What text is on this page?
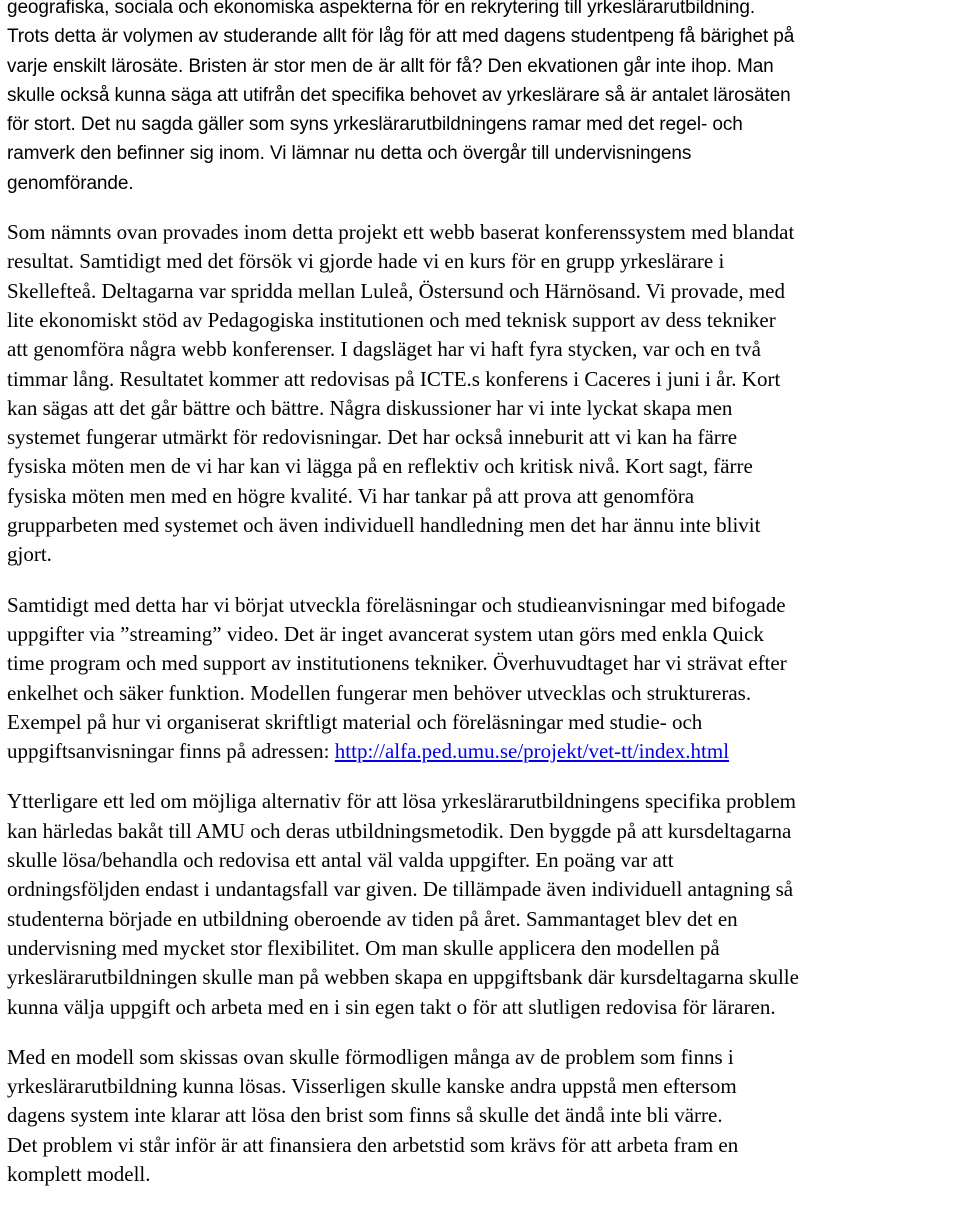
geografiska, sociala och ekonomiska aspekterna för en rekrytering till yrkeslärarutbildning.
Trots detta är volymen av studerande allt för låg för att med dagens studentpeng få bärighet på
varje enskilt lärosäte. Bristen är stor men de är allt för få? Den ekvationen går inte ihop. Man
skulle också kunna säga att utifrån det specifika behovet av yrkeslärare så är antalet lärosäten
för stort. Det nu sagda gäller som syns yrkeslärarutbildningens ramar med det regel- och
ramverk den befinner sig inom. Vi lämnar nu detta och övergår till undervisningens
genomförande.

Som nämnts ovan provades inom detta projekt ett webb baserat konferenssystem med blandat
resultat. Samtidigt med det försök vi gjorde hade vi en kurs för en grupp yrkeslärare i
Skellefteå. Deltagarna var spridda mellan Luleå, Östersund och Härnösand. Vi provade, med
lite ekonomiskt stöd av Pedagogiska institutionen och med teknisk support av dess tekniker
att genomföra några webb konferenser. I dagsläget har vi haft fyra stycken, var och en två
timmar lång. Resultatet kommer att redovisas på ICTE.s konferens i Caceres i juni i år. Kort
kan sägas att det går bättre och bättre. Några diskussioner har vi inte lyckat skapa men
systemet fungerar utmärkt för redovisningar. Det har också inneburit att vi kan ha färre
fysiska möten men de vi har kan vi lägga på en reflektiv och kritisk nivå. Kort sagt, färre
fysiska möten men med en högre kvalité. Vi har tankar på att prova att genomföra
grupparbeten med systemet och även individuell handledning men det har ännu inte blivit
gjort.

Samtidigt med detta har vi börjat utveckla föreläsningar och studieanvisningar med bifogade
uppgifter via ”streaming” video. Det är inget avancerat system utan görs med enkla Quick
time program och med support av institutionens tekniker. Överhuvudtaget har vi strävat efter
enkelhet och säker funktion. Modellen fungerar men behöver utvecklas och struktureras.
Exempel på hur vi organiserat skriftligt material och föreläsningar med studie- och
uppgiftsanvisningar finns på adressen: http://alfa.ped.umu.se/projekt/vet-tt/index.html

Ytterligare ett led om möjliga alternativ för att lösa yrkeslärarutbildningens specifika problem
kan härledas bakåt till AMU och deras utbildningsmetodik. Den byggde på att kursdeltagarna
skulle lösa/behandla och redovisa ett antal väl valda uppgifter. En poäng var att
ordningsföljden endast i undantagsfall var given. De tillämpade även individuell antagning så
studenterna började en utbildning oberoende av tiden på året. Sammantaget blev det en
undervisning med mycket stor flexibilitet. Om man skulle applicera den modellen på
yrkeslärarutbildningen skulle man på webben skapa en uppgiftsbank där kursdeltagarna skulle
kunna välja uppgift och arbeta med en i sin egen takt o för att slutligen redovisa för läraren.

Med en modell som skissas ovan skulle förmodligen många av de problem som finns i
yrkeslärarutbildning kunna lösas. Visserligen skulle kanske andra uppstå men eftersom
dagens system inte klarar att lösa den brist som finns så skulle det ändå inte bli värre.
Det problem vi står inför är att finansiera den arbetstid som krävs för att arbeta fram en
komplett modell.
